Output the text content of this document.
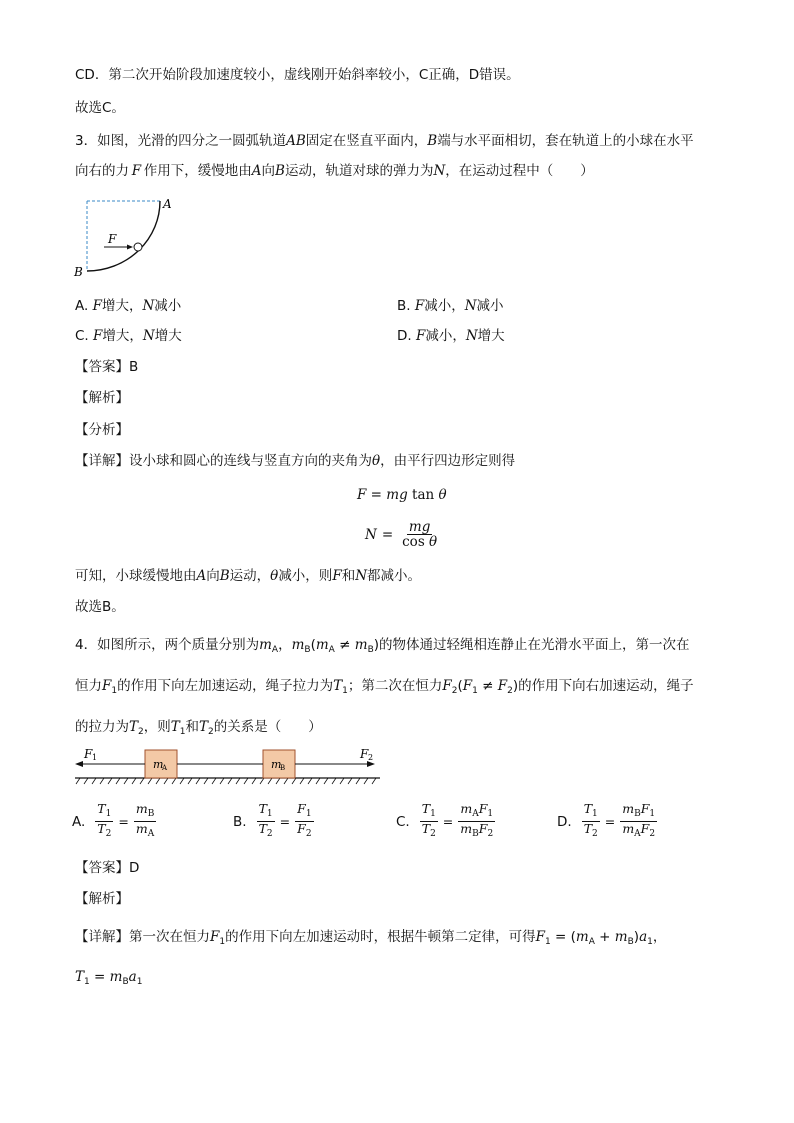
CD．第二次开始阶段加速度较小，虚线刚开始斜率较小，C正确，D错误。
故选C。
3．如图，光滑的四分之一圆弧轨道AB固定在竖直平面内，B端与水平面相切，套在轨道上的小球在水平
向右的力  F  作用下，缓慢地由A向B运动，轨道对球的弹力为N，在运动过程中（　　）
A
B
F
A. F增大，N减小	B. F减小，N减小
C. F增大，N增大	D. F减小，N增大
【答案】B
【解析】
【分析】
【详解】设小球和圆心的连线与竖直方向的夹角为θ，由平行四边形定则得
F = mg tan θ
$N = \frac{mg}{\text{cos θ}}$
可知，小球缓慢地由A向B运动，θ减小，则F和N都减小。
故选B。
4．如图所示，两个质量分别为$m_A$，$m_B(m_A \ne m_B)$的物体通过轻绳相连静止在光滑水平面上，第一次在
恒力$F_1$的作用下向左加速运动，绳子拉力为$T_1$；第二次在恒力$F_2(F_1 \ne F_2)$的作用下向右加速运动，绳子
的拉力为$T_2$，则$T_1$和$T_2$的关系是（　　）
F 1	F 2
m
A	m
B
A. $\frac{T_1}{T_2} = \frac{m_B}{m_A}$	B. $\frac{T_1}{T_2} = \frac{F_1}{F_2}$	C. $\frac{T_1}{T_2} = \frac{m_AF_1}{m_BF_2}$	D. $\frac{T_1}{T_2} = \frac{m_BF_1}{m_AF_2}$
【答案】D
【解析】
【详解】第一次在恒力$F_1$的作用下向左加速运动时，根据牛顿第二定律，可得$F_1 = (m_A + m_B)a_1$，
$T_1 = m_Ba_1$
